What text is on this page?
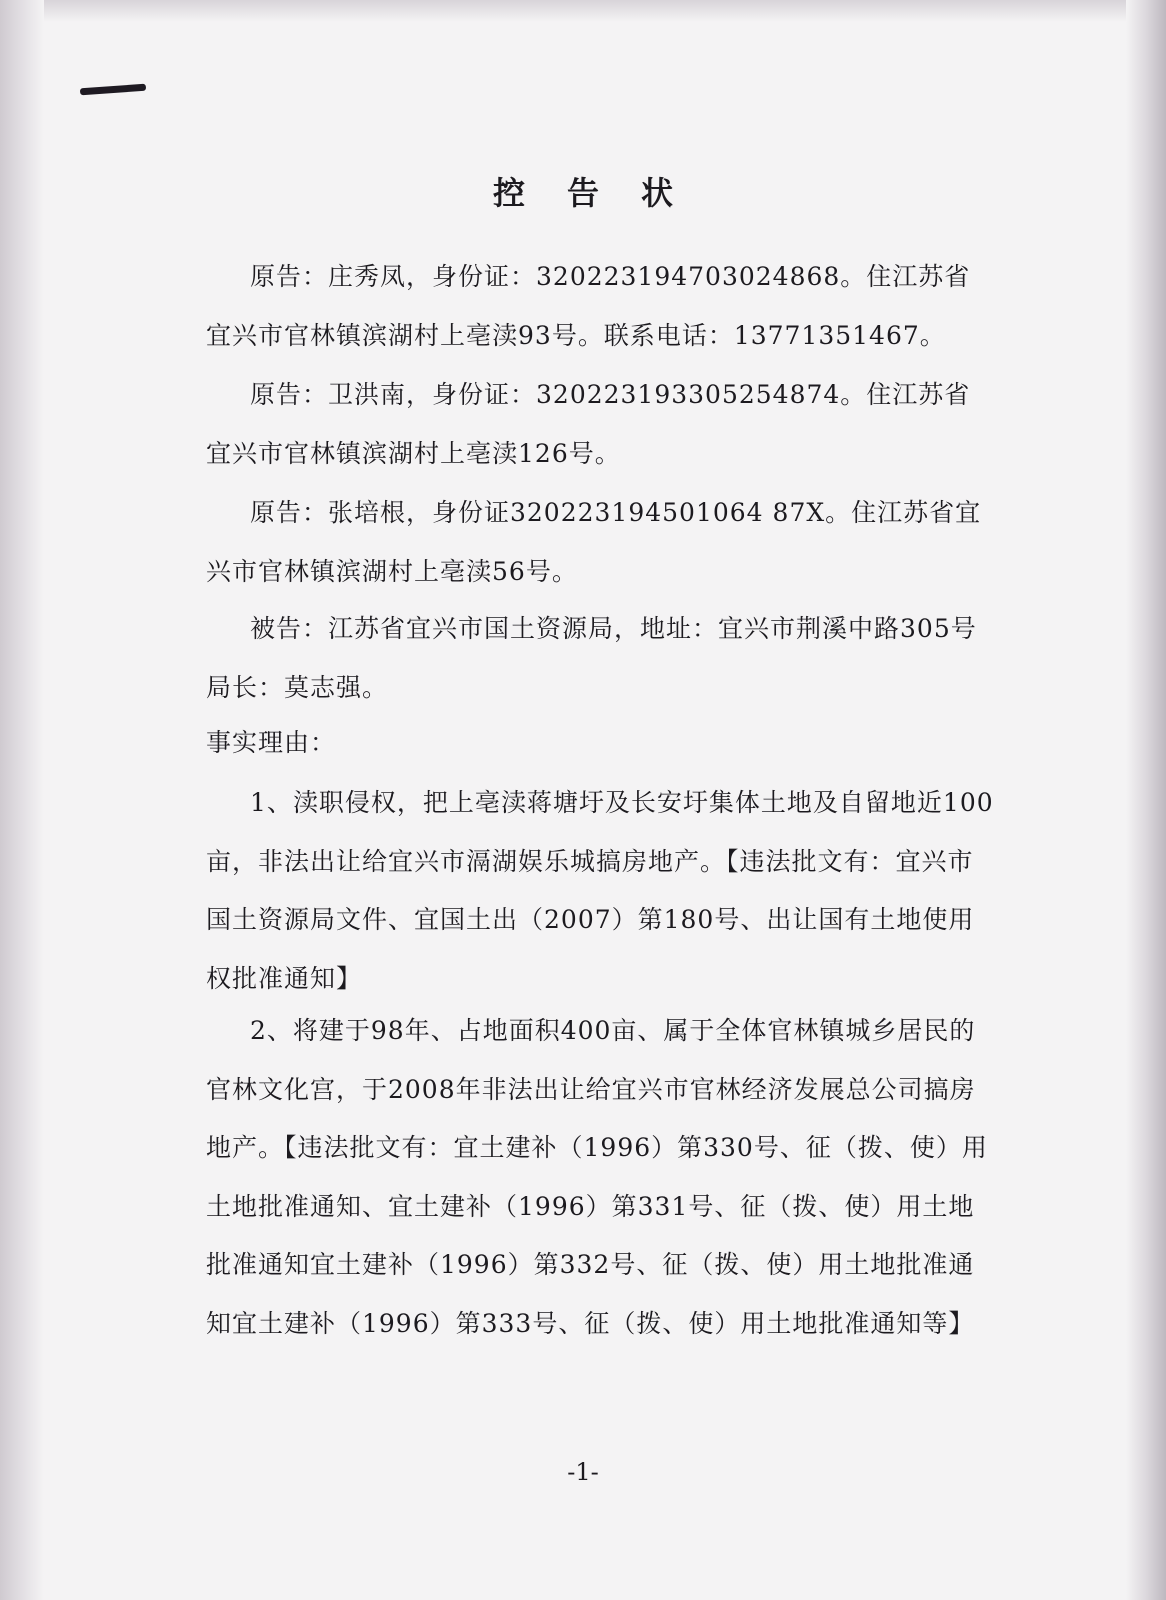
控告状

原告：庄秀凤，身份证：320223194703024868。住江苏省宜兴市官林镇滨湖村上亳渎93号。联系电话：13771351467。

原告：卫洪南，身份证：320223193305254874。住江苏省宜兴市官林镇滨湖村上亳渎126号。

原告：张培根，身份证320223194501064 87X。住江苏省宜兴市官林镇滨湖村上亳渎56号。

被告：江苏省宜兴市国土资源局，地址：宜兴市荆溪中路305号局长：莫志强。

事实理由：

1、渎职侵权，把上亳渎蒋塘圩及长安圩集体土地及自留地近100亩，非法出让给宜兴市滆湖娱乐城搞房地产。【违法批文有：宜兴市国土资源局文件、宜国土出（2007）第180号、出让国有土地使用权批准通知】

2、将建于98年、占地面积400亩、属于全体官林镇城乡居民的官林文化宫，于2008年非法出让给宜兴市官林经济发展总公司搞房地产。【违法批文有：宜土建补（1996）第330号、征（拨、使）用土地批准通知、宜土建补（1996）第331号、征（拨、使）用土地批准通知宜土建补（1996）第332号、征（拨、使）用土地批准通知宜土建补（1996）第333号、征（拨、使）用土地批准通知等】

-1-
